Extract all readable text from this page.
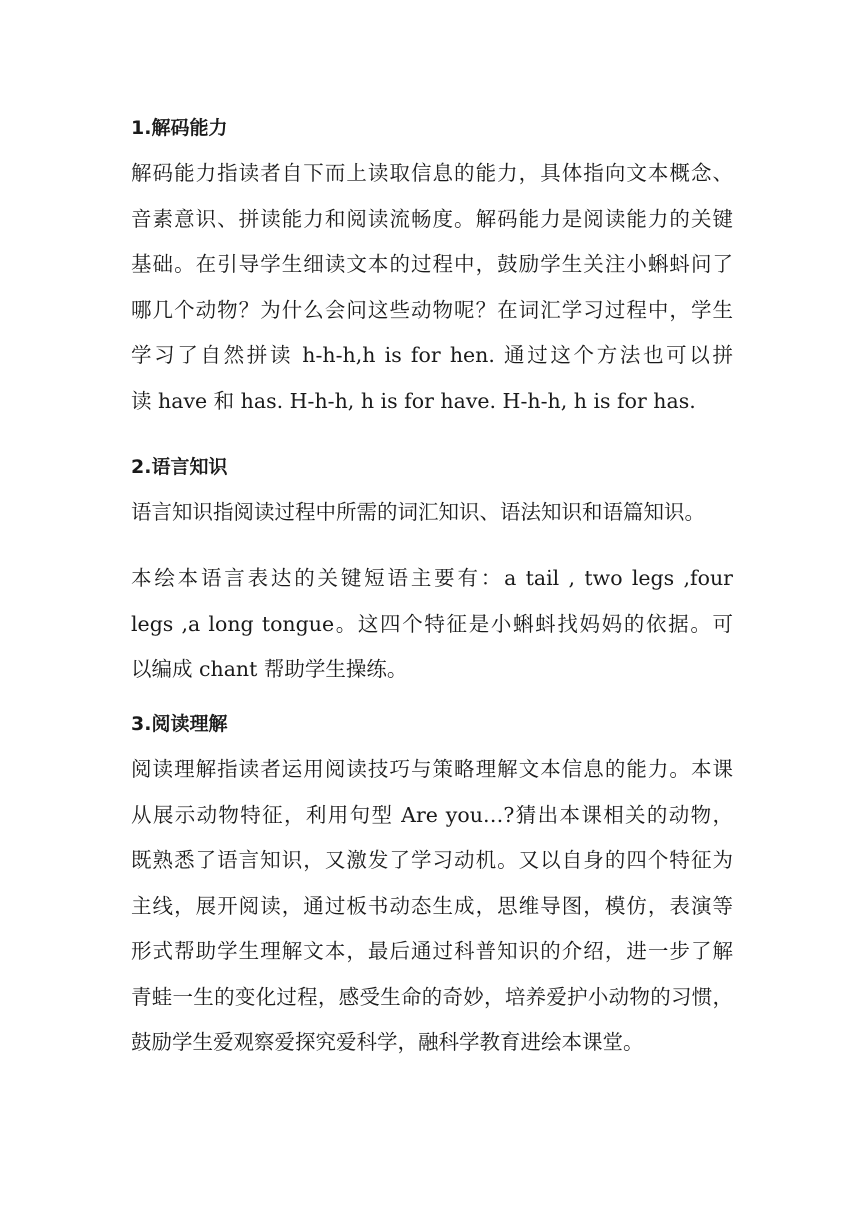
1.解码能力
解码能力指读者自下而上读取信息的能力，具体指向文本概念、
音素意识、拼读能力和阅读流畅度。解码能力是阅读能力的关键
基础。在引导学生细读文本的过程中，鼓励学生关注小蝌蚪问了
哪几个动物？为什么会问这些动物呢？在词汇学习过程中，学生
学习了自然拼读 h-h-h,h is for hen. 通过这个方法也可以拼
读 have 和 has. H-h-h, h is for have. H-h-h, h is for has.
2.语言知识
语言知识指阅读过程中所需的词汇知识、语法知识和语篇知识。
本绘本语言表达的关键短语主要有：a tail , two legs ,four
legs ,a long tongue。这四个特征是小蝌蚪找妈妈的依据。可
以编成 chant 帮助学生操练。
3.阅读理解
阅读理解指读者运用阅读技巧与策略理解文本信息的能力。本课
从展示动物特征，利用句型 Are you…?猜出本课相关的动物，
既熟悉了语言知识，又激发了学习动机。又以自身的四个特征为
主线，展开阅读，通过板书动态生成，思维导图，模仿，表演等
形式帮助学生理解文本，最后通过科普知识的介绍，进一步了解
青蛙一生的变化过程，感受生命的奇妙，培养爱护小动物的习惯，
鼓励学生爱观察爱探究爱科学，融科学教育进绘本课堂。
